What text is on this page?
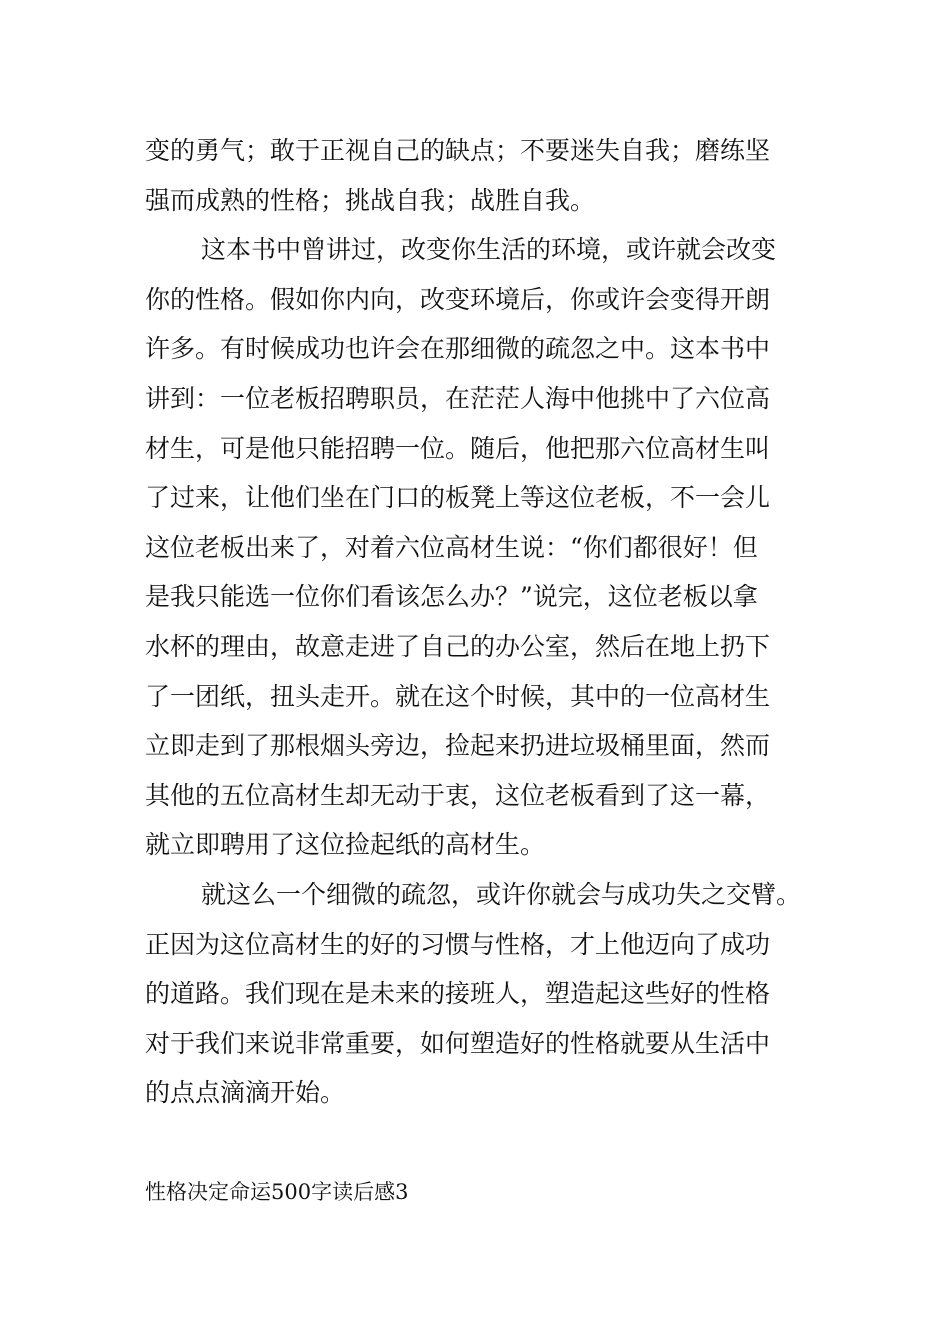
变的勇气；敢于正视自己的缺点；不要迷失自我；磨练坚
强而成熟的性格；挑战自我；战胜自我。
这本书中曾讲过，改变你生活的环境，或许就会改变
你的性格。假如你内向，改变环境后，你或许会变得开朗
许多。有时候成功也许会在那细微的疏忽之中。这本书中
讲到：一位老板招聘职员，在茫茫人海中他挑中了六位高
材生，可是他只能招聘一位。随后，他把那六位高材生叫
了过来，让他们坐在门口的板凳上等这位老板，不一会儿
这位老板出来了，对着六位高材生说：“你们都很好！但
是我只能选一位你们看该怎么办？”说完，这位老板以拿
水杯的理由，故意走进了自己的办公室，然后在地上扔下
了一团纸，扭头走开。就在这个时候，其中的一位高材生
立即走到了那根烟头旁边，捡起来扔进垃圾桶里面，然而
其他的五位高材生却无动于衷，这位老板看到了这一幕，
就立即聘用了这位捡起纸的高材生。
就这么一个细微的疏忽，或许你就会与成功失之交臂。
正因为这位高材生的好的习惯与性格，才上他迈向了成功
的道路。我们现在是未来的接班人，塑造起这些好的性格
对于我们来说非常重要，如何塑造好的性格就要从生活中
的点点滴滴开始。
性格决定命运500字读后感3
